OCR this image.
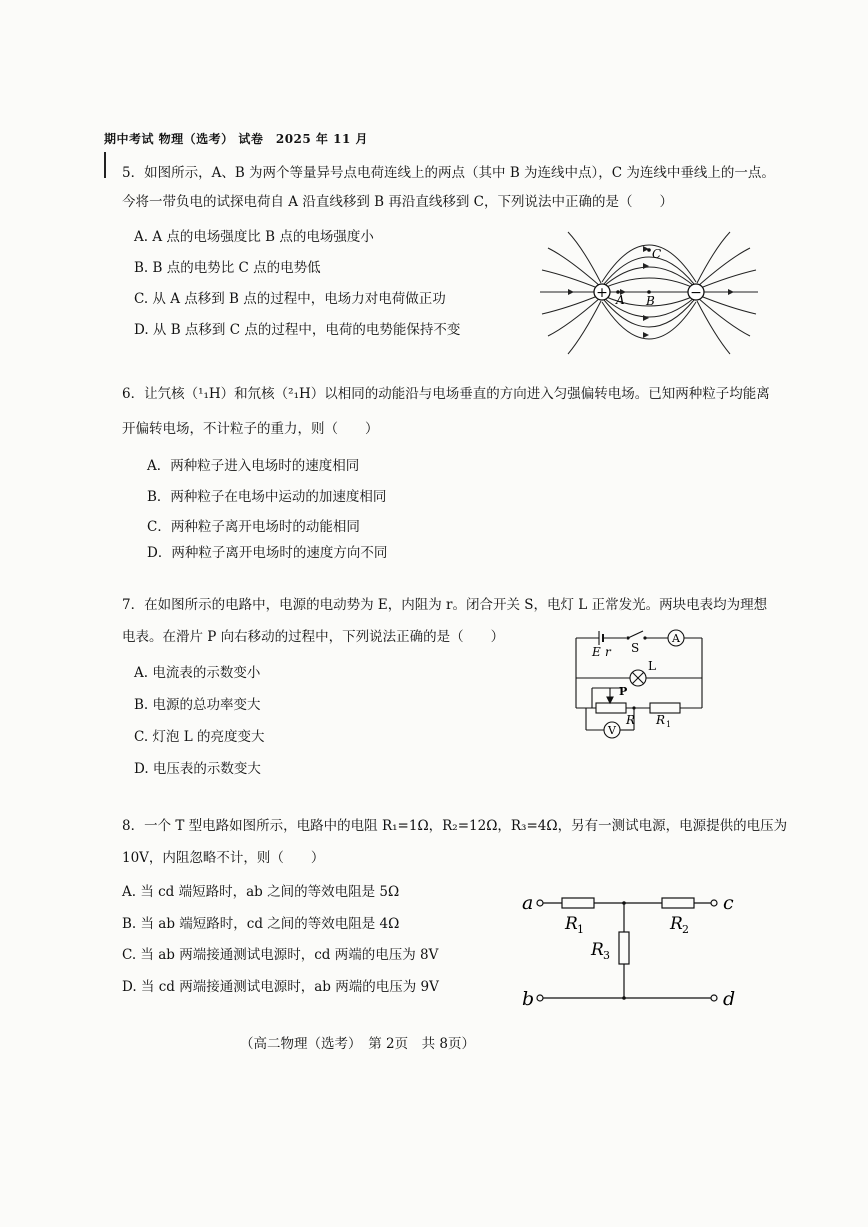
期中考试 物理（选考） 试卷　2025 年 11 月
5．如图所示，A、B 为两个等量异号点电荷连线上的两点（其中 B 为连线中点），C 为连线中垂线上的一点。
今将一带负电的试探电荷自 A 沿直线移到 B 再沿直线移到 C，下列说法中正确的是（　　）
A. A 点的电场强度比 B 点的电场强度小
B. B 点的电势比 C 点的电势低
C. 从 A 点移到 B 点的过程中，电场力对电荷做正功
D. 从 B 点移到 C 点的过程中，电荷的电势能保持不变
+	−
A B
C
6．让氕核（¹₁H）和氘核（²₁H）以相同的动能沿与电场垂直的方向进入匀强偏转电场。已知两种粒子均能离
开偏转电场，不计粒子的重力，则（　　）
A．两种粒子进入电场时的速度相同
B．两种粒子在电场中运动的加速度相同
C．两种粒子离开电场时的动能相同
D．两种粒子离开电场时的速度方向不同
7．在如图所示的电路中，电源的电动势为 E，内阻为 r。闭合开关 S，电灯 L 正常发光。两块电表均为理想
电表。在滑片 P 向右移动的过程中，下列说法正确的是（　　）
A. 电流表的示数变小
B. 电源的总功率变大
C. 灯泡 L 的亮度变大
D. 电压表的示数变大
E r S
A
L
P
R R 1
V
8．一个 T 型电路如图所示，电路中的电阻 R₁=1Ω，R₂=12Ω，R₃=4Ω，另有一测试电源，电源提供的电压为
10V，内阻忽略不计，则（　　）
A. 当 cd 端短路时，ab 之间的等效电阻是 5Ω
B. 当 ab 端短路时，cd 之间的等效电阻是 4Ω
C. 当 ab 两端接通测试电源时，cd 两端的电压为 8V
D. 当 cd 两端接通测试电源时，ab 两端的电压为 9V
a
b
c
d
R 1	R 2
R 3
（高二物理（选考）　第 2页　共 8页）
